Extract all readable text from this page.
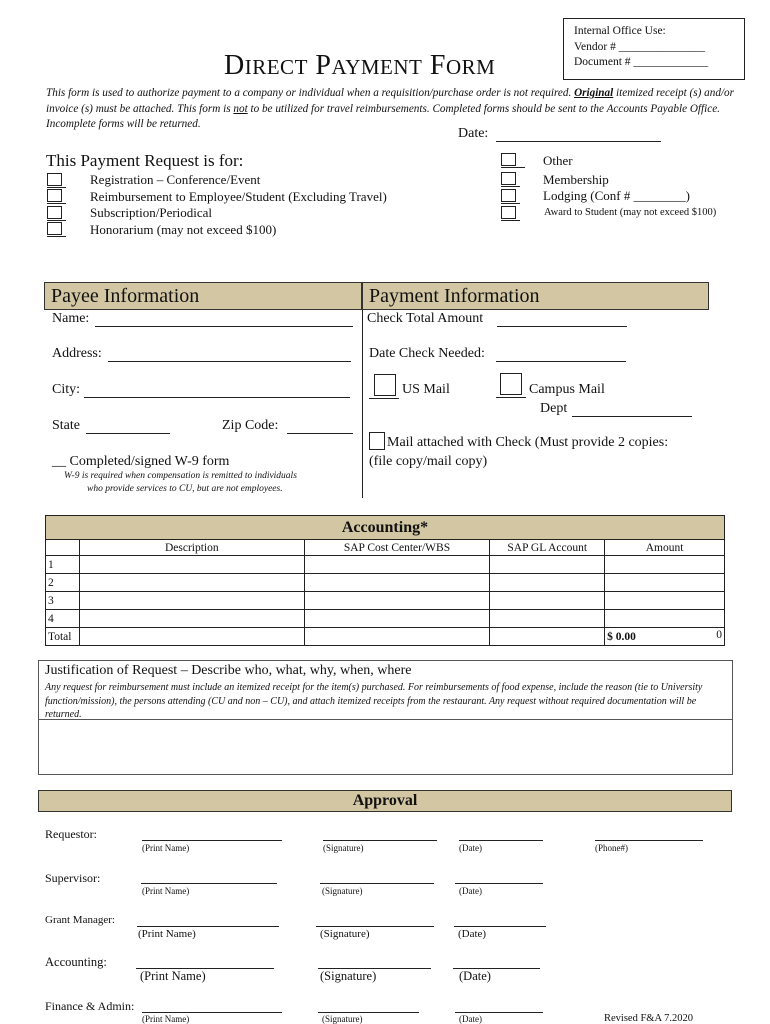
Internal Office Use:
Vendor # _______________
Document # _____________
DIRECT PAYMENT FORM
This form is used to authorize payment to a company or individual when a requisition/purchase order is not required. Original itemized receipt (s) and/or invoice (s) must be attached. This form is not to be utilized for travel reimbursements. Completed forms should be sent to the Accounts Payable Office. Incomplete forms will be returned.
Date:
This Payment Request is for:
Registration – Conference/Event
Reimbursement to Employee/Student (Excluding Travel)
Subscription/Periodical
Honorarium (may not exceed $100)
Other
Membership
Lodging (Conf # ________)
Award to Student (may not exceed $100)
Payee Information	Payment Information
Name:
Address:
City:
State	Zip Code:
__ Completed/signed W-9 form
W-9 is required when compensation is remitted to individuals
who provide services to CU, but are not employees.
Check Total Amount
Date Check Needed:
US Mail	Campus Mail
Dept
Mail attached with Check (Must provide 2 copies:
(file copy/mail copy)
Accounting*				
	Description	SAP Cost Center/WBS	SAP GL Account	Amount
1				
2				
3				
4				
Total				$ 0.00 0
Justification of Request – Describe who, what, why, when, where
Any request for reimbursement must include an itemized receipt for the item(s) purchased. For reimbursements of food expense, include the reason (tie to University function/mission), the persons attending (CU and non – CU), and attach itemized receipts from the restaurant. Any request without required documentation will be returned.
Approval
Requestor:
(Print Name)	(Signature)	(Date)	(Phone#)
Supervisor:
(Print Name)	(Signature)	(Date)
Grant Manager:
(Print Name)	(Signature)	(Date)
Accounting:
(Print Name)	(Signature)	(Date)
Finance & Admin:
(Print Name)	(Signature)	(Date)	Revised F&A 7.2020
